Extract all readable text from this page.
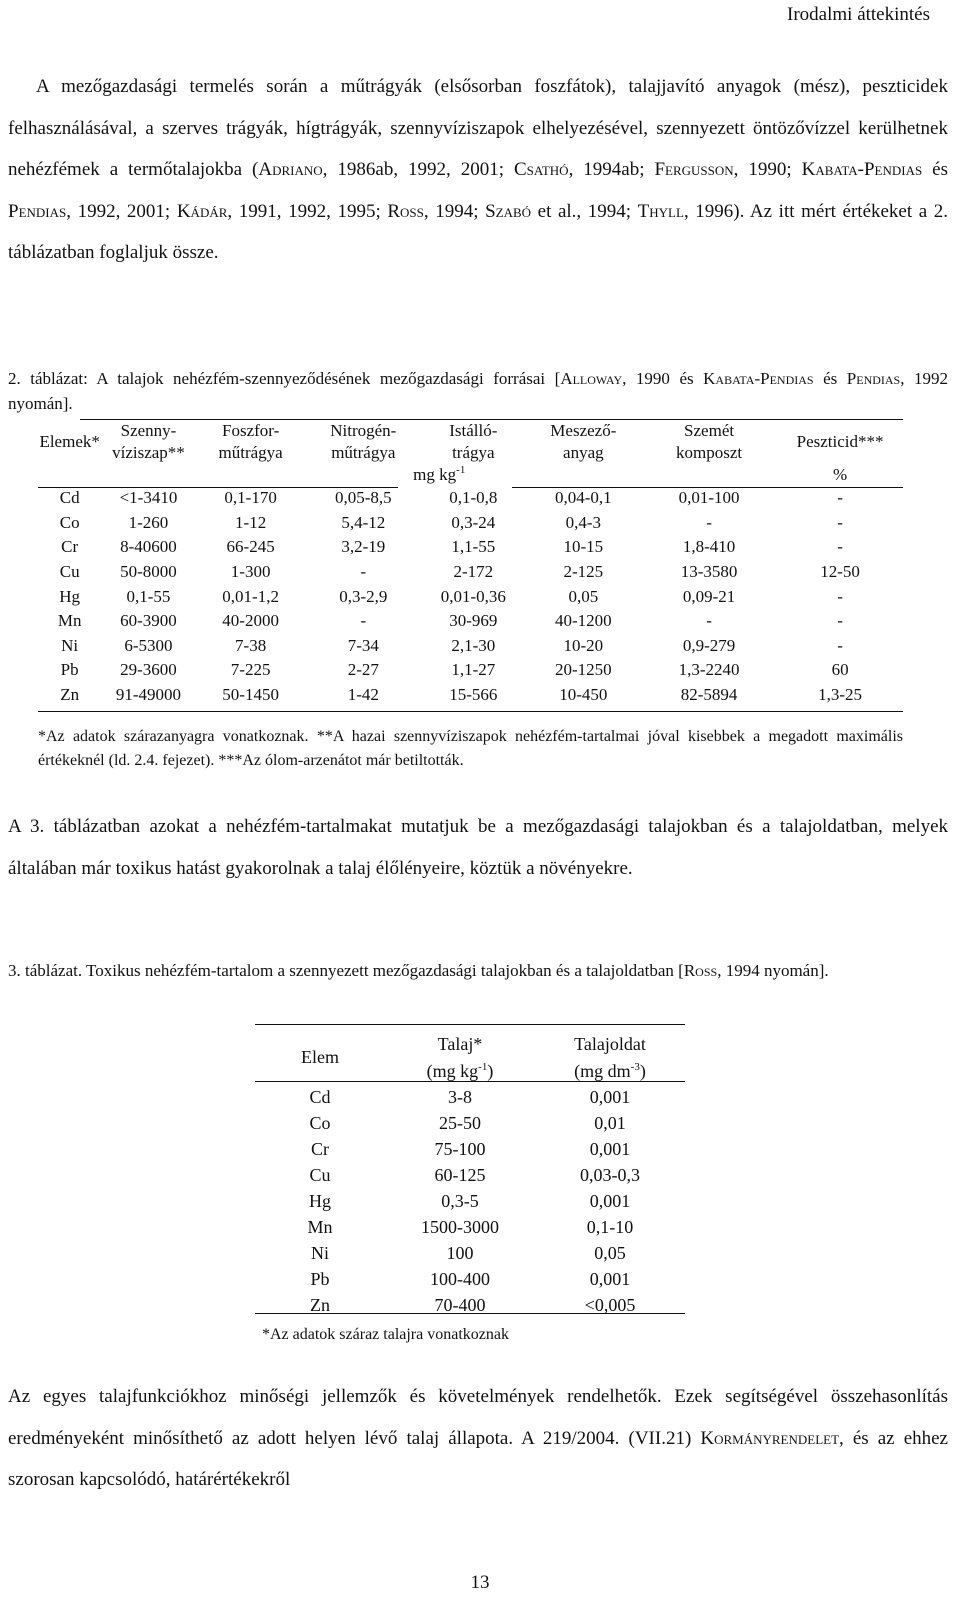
Irodalmi áttekintés

A mezőgazdasági termelés során a műtrágyák (elsősorban foszfátok), talajjavító anyagok (mész), peszticidek felhasználásával, a szerves trágyák, hígtrágyák, szennyvíziszapok elhelyezésével, szennyezett öntözővízzel kerülhetnek nehézfémek a termőtalajokba (Adriano, 1986ab, 1992, 2001; Csathó, 1994ab; Fergusson, 1990; Kabata-Pendias és Pendias, 1992, 2001; Kádár, 1991, 1992, 1995; Ross, 1994; Szabó et al., 1994; Thyll, 1996). Az itt mért értékeket a 2. táblázatban foglaljuk össze.

2. táblázat: A talajok nehézfém-szennyeződésének mezőgazdasági forrásai [Alloway, 1990 és Kabata-Pendias és Pendias, 1992 nyomán].

Elemek*	Szenny-	Foszfor-	Nitrogén-	Istálló-	Meszező-	Szemét	Peszticid***
	víziszap**	műtrágya	műtrágya	trágya	anyag	komposzt	
	mg $kg^{-1}$						%
Cd	<1-3410	0,1-170	0,05-8,5	0,1-0,8	0,04-0,1	0,01-100	-
Co	1-260	1-12	5,4-12	0,3-24	0,4-3	-	-
Cr	8-40600	66-245	3,2-19	1,1-55	10-15	1,8-410	-
Cu	50-8000	1-300	-	2-172	2-125	13-3580	12-50
Hg	0,1-55	0,01-1,2	0,3-2,9	0,01-0,36	0,05	0,09-21	-
Mn	60-3900	40-2000	-	30-969	40-1200	-	-
Ni	6-5300	7-38	7-34	2,1-30	10-20	0,9-279	-
Pb	29-3600	7-225	2-27	1,1-27	20-1250	1,3-2240	60
Zn	91-49000	50-1450	1-42	15-566	10-450	82-5894	1,3-25

*Az adatok szárazanyagra vonatkoznak. **A hazai szennyvíziszapok nehézfém-tartalmai jóval kisebbek a megadott maximális értékeknél (ld. 2.4. fejezet). ***Az ólom-arzenátot már betiltották.

A 3. táblázatban azokat a nehézfém-tartalmakat mutatjuk be a mezőgazdasági talajokban és a talajoldatban, melyek általában már toxikus hatást gyakorolnak a talaj élőlényeire, köztük a növényekre.

3. táblázat. Toxikus nehézfém-tartalom a szennyezett mezőgazdasági talajokban és a talajoldatban [Ross, 1994 nyomán].

Elem	Talaj*	Talajoldat
	(mg $kg^{-1}$)	(mg $dm^{-3}$)
Cd	3-8	0,001
Co	25-50	0,01
Cr	75-100	0,001
Cu	60-125	0,03-0,3
Hg	0,3-5	0,001
Mn	1500-3000	0,1-10
Ni	100	0,05
Pb	100-400	0,001
Zn	70-400	<0,005
*Az adatok száraz talajra vonatkoznak

Az egyes talajfunkciókhoz minőségi jellemzők és követelmények rendelhetők. Ezek segítségével összehasonlítás eredményeként minősíthető az adott helyen lévő talaj állapota. A 219/2004. (VII.21) Kormányrendelet, és az ehhez szorosan kapcsolódó, határértékekről

13
